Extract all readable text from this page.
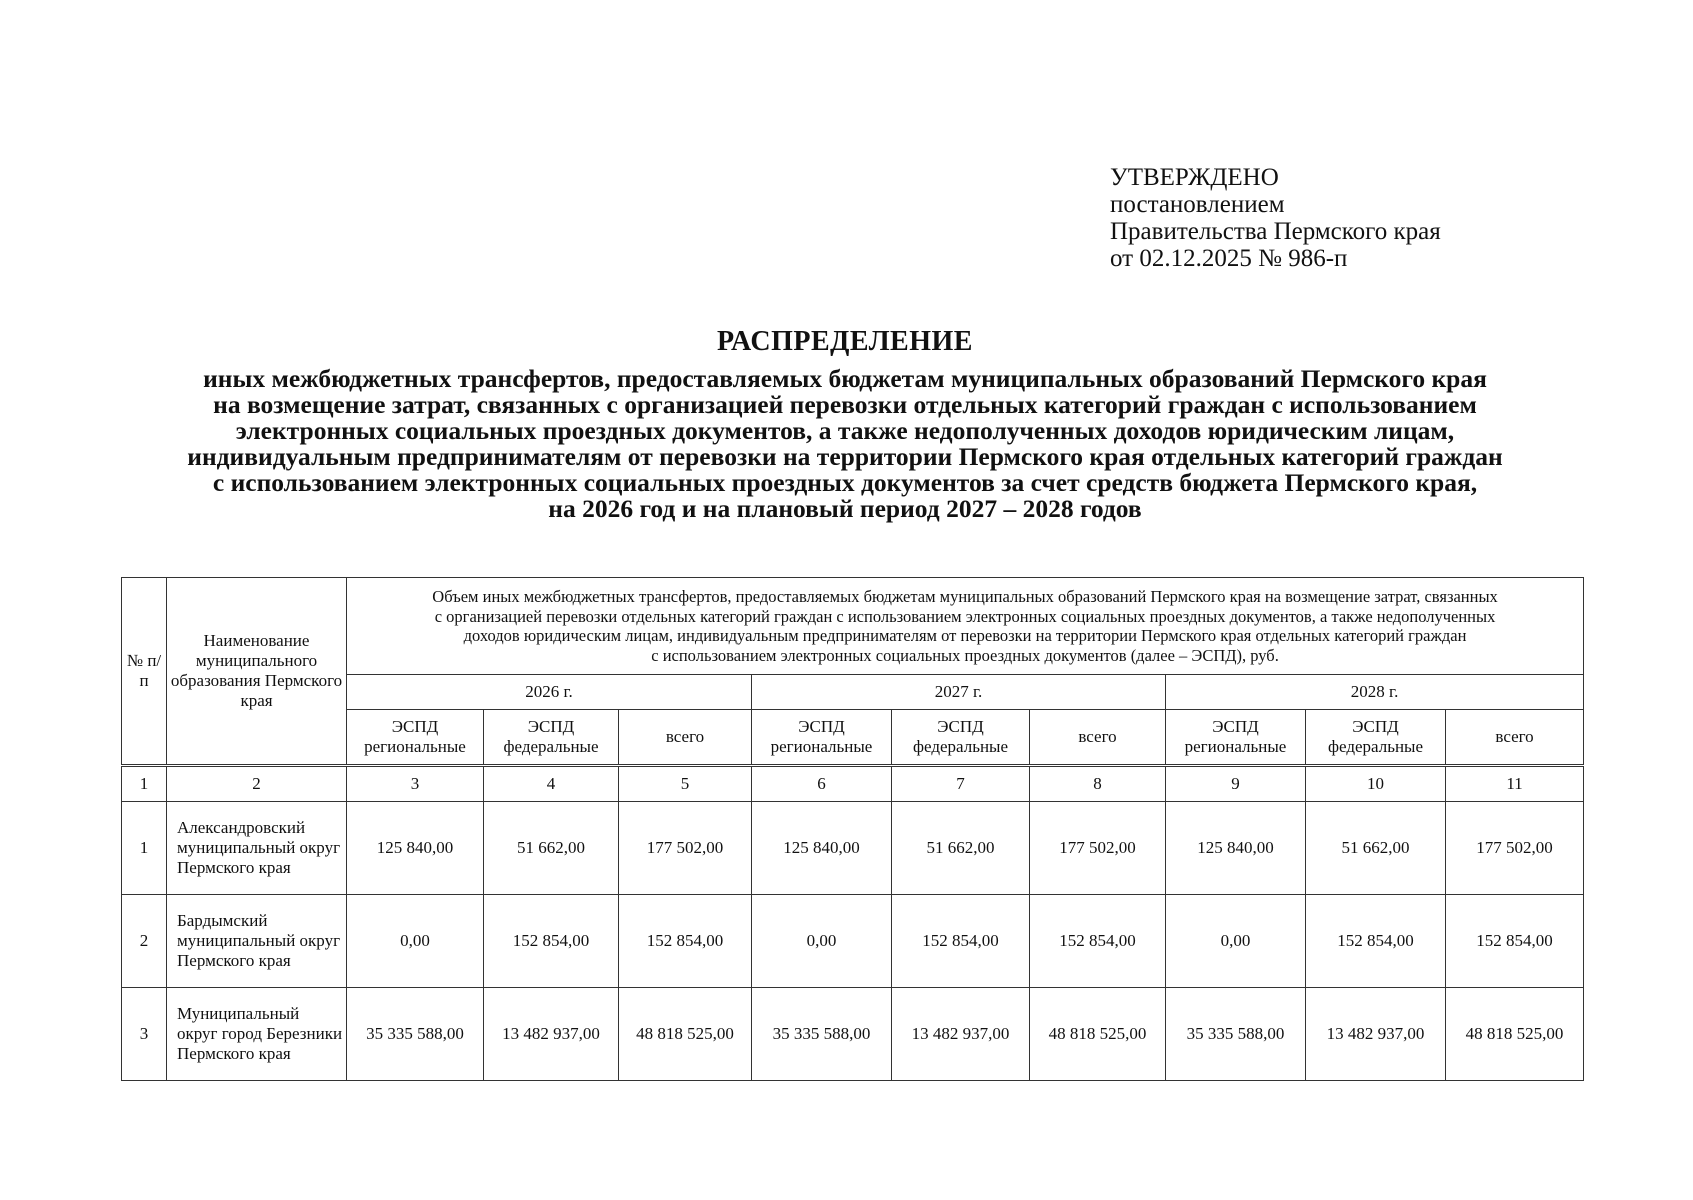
УТВЕРЖДЕНО
постановлением
Правительства Пермского края
от 02.12.2025 № 986-п
РАСПРЕДЕЛЕНИЕ
иных межбюджетных трансфертов, предоставляемых бюджетам муниципальных образований Пермского края
на возмещение затрат, связанных с организацией перевозки отдельных категорий граждан с использованием
электронных социальных проездных документов, а также недополученных доходов юридическим лицам,
индивидуальным предпринимателям от перевозки на территории Пермского края отдельных категорий граждан
с использованием электронных социальных проездных документов за счет средств бюджета Пермского края,
на 2026 год и на плановый период 2027 – 2028 годов
№ п/п	Наименование муниципального образования Пермского края	Объем иных межбюджетных трансфертов, предоставляемых бюджетам муниципальных образований Пермского края на возмещение затрат, связанных
с организацией перевозки отдельных категорий граждан с использованием электронных социальных проездных документов, а также недополученных
доходов юридическим лицам, индивидуальным предпринимателям от перевозки на территории Пермского края отдельных категорий граждан
с использованием электронных социальных проездных документов (далее – ЭСПД), руб.								

		2026 г.			2027 г.			2028 г.		
		ЭСПД региональные	ЭСПД федеральные	всего	ЭСПД региональные	ЭСПД федеральные	всего	ЭСПД региональные	ЭСПД федеральные	всего
1	2	3	4	5	6	7	8	9	10	11
1	Александровский муниципальный округ Пермского края	125 840,00	51 662,00	177 502,00	125 840,00	51 662,00	177 502,00	125 840,00	51 662,00	177 502,00
2	Бардымский муниципальный округ Пермского края	0,00	152 854,00	152 854,00	0,00	152 854,00	152 854,00	0,00	152 854,00	152 854,00
3	Муниципальный округ город Березники Пермского края	35 335 588,00	13 482 937,00	48 818 525,00	35 335 588,00	13 482 937,00	48 818 525,00	35 335 588,00	13 482 937,00	48 818 525,00
